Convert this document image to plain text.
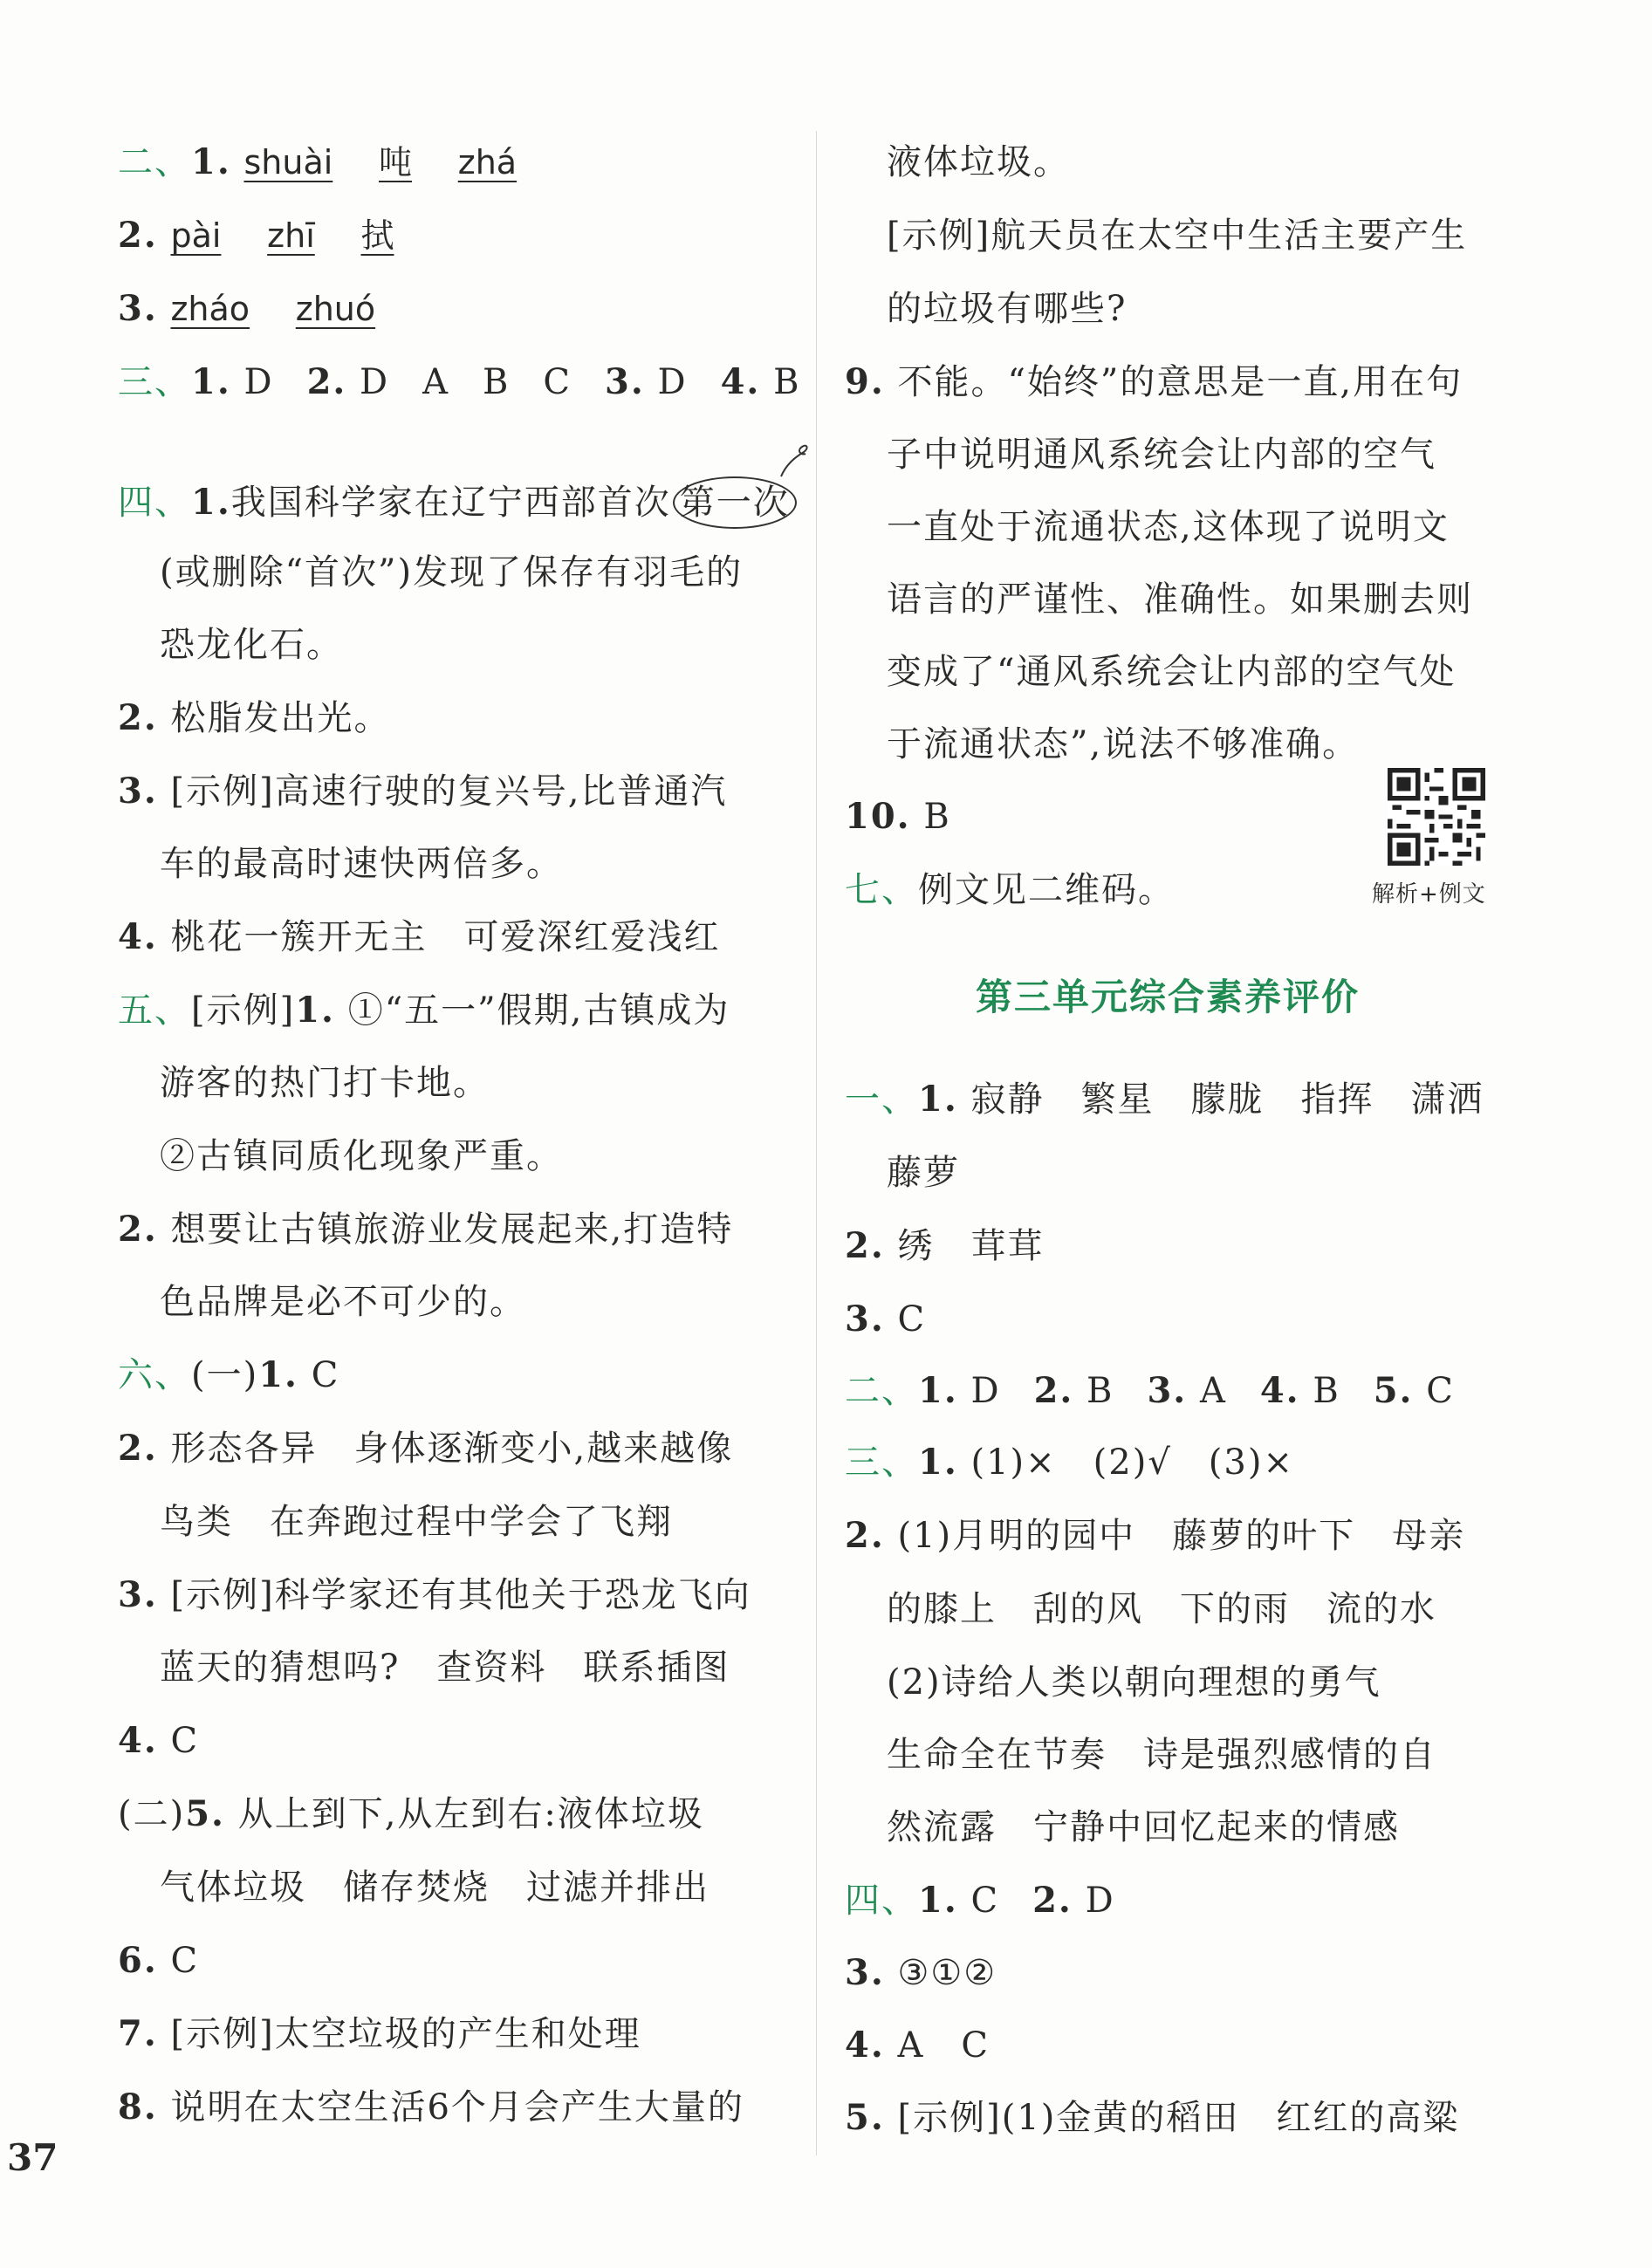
二、1. shuài 吨 zhá
2. pài zhī 拭
3. zháo zhuó
三、1. D 2. D A B C 3. D 4. B
四、1.我国科学家在辽宁西部首次 第一次
(或删除“首次”)发现了保存有羽毛的
恐龙化石。
2. 松脂发出光。
3. [示例]高速行驶的复兴号,比普通汽
车的最高时速快两倍多。
4. 桃花一簇开无主　可爱深红爱浅红
五、[示例]1. ①“五一”假期,古镇成为
游客的热门打卡地。
②古镇同质化现象严重。
2. 想要让古镇旅游业发展起来,打造特
色品牌是必不可少的。
六、(一)1. C
2. 形态各异　身体逐渐变小,越来越像
鸟类　在奔跑过程中学会了飞翔
3. [示例]科学家还有其他关于恐龙飞向
蓝天的猜想吗?　查资料　联系插图
4. C
(二)5. 从上到下,从左到右:液体垃圾
气体垃圾　储存焚烧　过滤并排出
6. C
7. [示例]太空垃圾的产生和处理
8. 说明在太空生活6个月会产生大量的
液体垃圾。
[示例]航天员在太空中生活主要产生
的垃圾有哪些?
9. 不能。“始终”的意思是一直,用在句
子中说明通风系统会让内部的空气
一直处于流通状态,这体现了说明文
语言的严谨性、准确性。如果删去则
变成了“通风系统会让内部的空气处
于流通状态”,说法不够准确。
10. B
解析+例文
七、例文见二维码。
第三单元综合素养评价
一、1. 寂静　繁星　朦胧　指挥　潇洒
藤萝
2. 绣　茸茸
3. C
二、1. D 2. B 3. A 4. B 5. C
三、1. (1)×　(2)√　(3)×
2. (1)月明的园中　藤萝的叶下　母亲
的膝上　刮的风　下的雨　流的水
(2)诗给人类以朝向理想的勇气
生命全在节奏　诗是强烈感情的自
然流露　宁静中回忆起来的情感
四、1. C 2. D
3. ③①②
4. A　C
5. [示例](1)金黄的稻田　红红的高粱
37
